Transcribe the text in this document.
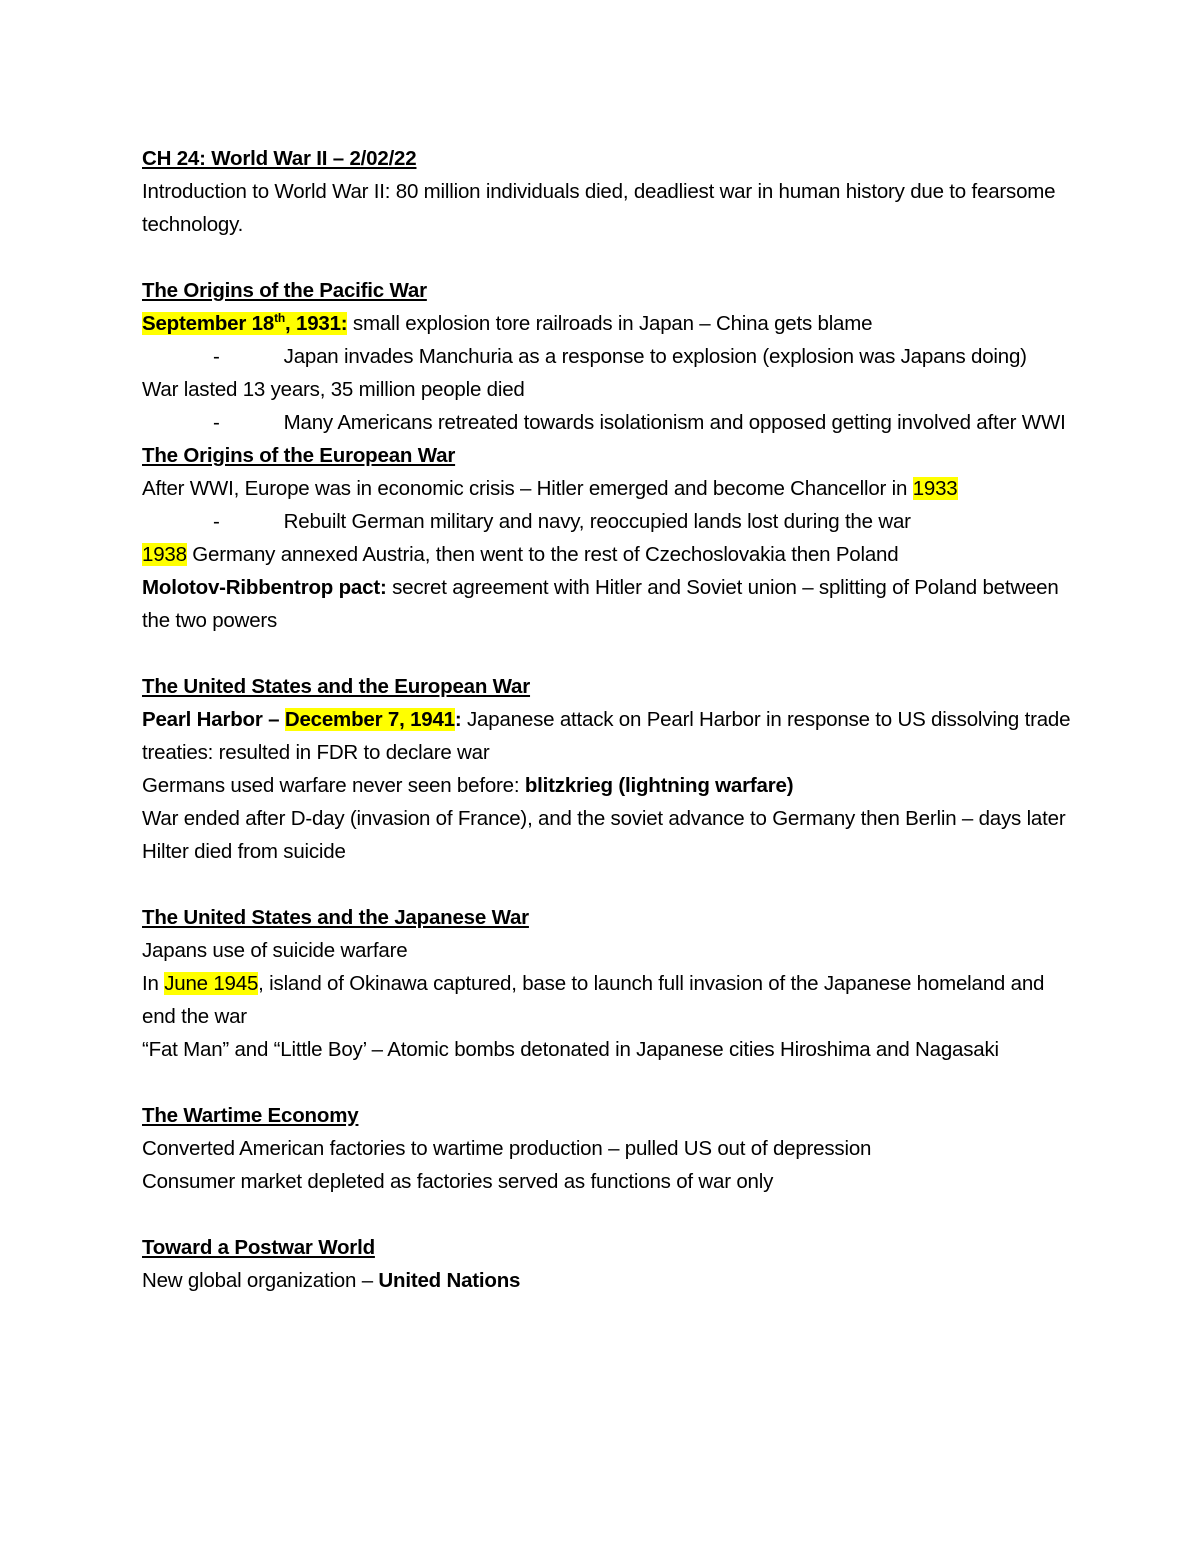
CH 24: World War II – 2/02/22

Introduction to World War II: 80 million individuals died, deadliest war in human history due to fearsome technology.

The Origins of the Pacific War

September 18th, 1931: small explosion tore railroads in Japan – China gets blame

-	Japan invades Manchuria as a response to explosion (explosion was Japans doing)

War lasted 13 years, 35 million people died

-	Many Americans retreated towards isolationism and opposed getting involved after WWI

The Origins of the European War

After WWI, Europe was in economic crisis – Hitler emerged and become Chancellor in 1933

-	Rebuilt German military and navy, reoccupied lands lost during the war

1938 Germany annexed Austria, then went to the rest of Czechoslovakia then Poland

Molotov-Ribbentrop pact: secret agreement with Hitler and Soviet union – splitting of Poland between the two powers

The United States and the European War

Pearl Harbor – December 7, 1941: Japanese attack on Pearl Harbor in response to US dissolving trade treaties: resulted in FDR to declare war

Germans used warfare never seen before: blitzkrieg (lightning warfare)

War ended after D-day (invasion of France), and the soviet advance to Germany then Berlin – days later Hilter died from suicide

The United States and the Japanese War

Japans use of suicide warfare

In June 1945, island of Okinawa captured, base to launch full invasion of the Japanese homeland and end the war

“Fat Man” and “Little Boy’ – Atomic bombs detonated in Japanese cities Hiroshima and Nagasaki

The Wartime Economy

Converted American factories to wartime production – pulled US out of depression

Consumer market depleted as factories served as functions of war only

Toward a Postwar World

New global organization – United Nations
